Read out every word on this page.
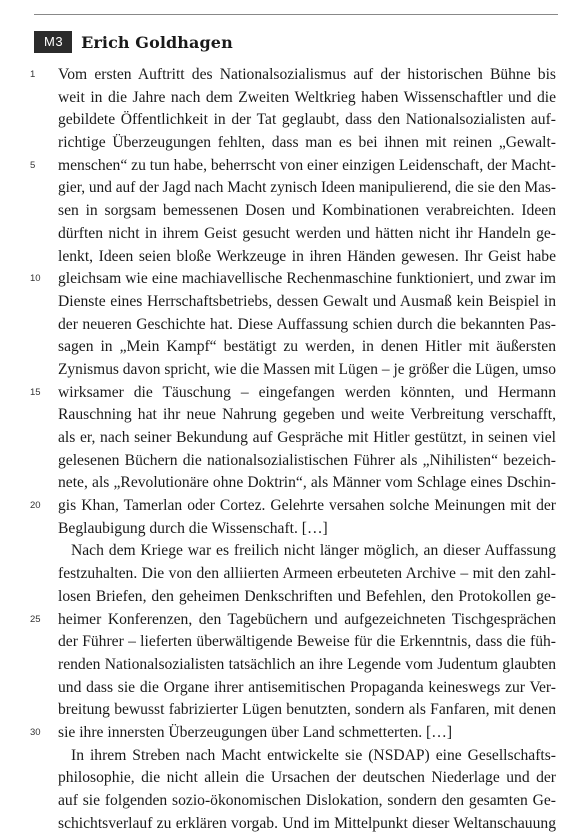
M3	Erich Goldhagen
1	Vom ersten Auftritt des Nationalsozialismus auf der historischen Bühne bis
weit in die Jahre nach dem Zweiten Weltkrieg haben Wissenschaftler und die
gebildete Öffentlichkeit in der Tat geglaubt, dass den Nationalsozialisten auf-
richtige Überzeugungen fehlten, dass man es bei ihnen mit reinen „Gewalt-
5	menschen“ zu tun habe, beherrscht von einer einzigen Leidenschaft, der Macht-
gier, und auf der Jagd nach Macht zynisch Ideen manipulierend, die sie den Mas-
sen in sorgsam bemessenen Dosen und Kombinationen verabreichten. Ideen
dürften nicht in ihrem Geist gesucht werden und hätten nicht ihr Handeln ge-
lenkt, Ideen seien bloße Werkzeuge in ihren Händen gewesen. Ihr Geist habe
10 gleichsam wie eine machiavellische Rechenmaschine funktioniert, und zwar im
Dienste eines Herrschaftsbetriebs, dessen Gewalt und Ausmaß kein Beispiel in
der neueren Geschichte hat. Diese Auffassung schien durch die bekannten Pas-
sagen in „Mein Kampf“ bestätigt zu werden, in denen Hitler mit äußersten
Zynismus davon spricht, wie die Massen mit Lügen – je größer die Lügen, umso
15 wirksamer die Täuschung – eingefangen werden könnten, und Hermann
Rauschning hat ihr neue Nahrung gegeben und weite Verbreitung verschafft,
als er, nach seiner Bekundung auf Gespräche mit Hitler gestützt, in seinen viel
gelesenen Büchern die nationalsozialistischen Führer als „Nihilisten“ bezeich-
nete, als „Revolutionäre ohne Doktrin“, als Männer vom Schlage eines Dschin-
20 gis Khan, Tamerlan oder Cortez. Gelehrte versahen solche Meinungen mit der
Beglaubigung durch die Wissenschaft. […]
Nach dem Kriege war es freilich nicht länger möglich, an dieser Auffassung
festzuhalten. Die von den alliierten Armeen erbeuteten Archive – mit den zahl-
losen Briefen, den geheimen Denkschriften und Befehlen, den Protokollen ge-
25 heimer Konferenzen, den Tagebüchern und aufgezeichneten Tischgesprächen
der Führer – lieferten überwältigende Beweise für die Erkenntnis, dass die füh-
renden Nationalsozialisten tatsächlich an ihre Legende vom Judentum glaubten
und dass sie die Organe ihrer antisemitischen Propaganda keineswegs zur Ver-
breitung bewusst fabrizierter Lügen benutzten, sondern als Fanfaren, mit denen
30 sie ihre innersten Überzeugungen über Land schmetterten. […]
In ihrem Streben nach Macht entwickelte sie (NSDAP) eine Gesellschafts-
philosophie, die nicht allein die Ursachen der deutschen Niederlage und der
auf sie folgenden sozio-ökonomischen Dislokation, sondern den gesamten Ge-
schichtsverlauf zu erklären vorgab. Und im Mittelpunkt dieser Weltanschauung
